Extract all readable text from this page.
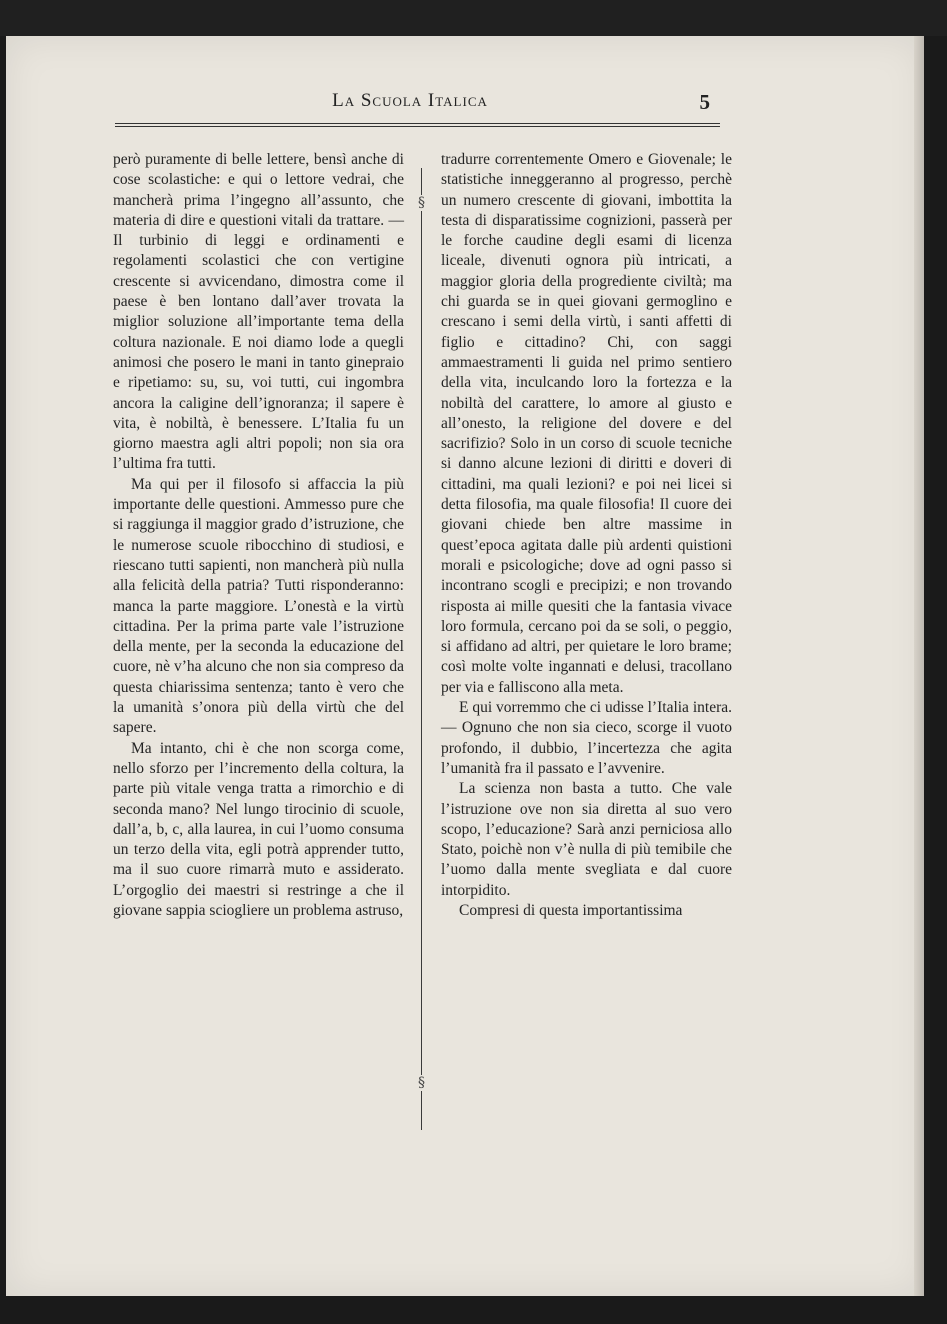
La Scuola Italica	5

però puramente di belle lettere, bensì anche di cose scolastiche: e qui o lettore vedrai, che mancherà prima l’ingegno all’assunto, che materia di dire e questioni vitali da trattare. — Il turbinio di leggi e ordinamenti e regolamenti scolastici che con vertigine crescente si avvicendano, dimostra come il paese è ben lontano dall’aver trovata la miglior soluzione all’importante tema della coltura nazionale. E noi diamo lode a quegli animosi che posero le mani in tanto ginepraio e ripetiamo: su, su, voi tutti, cui ingombra ancora la caligine dell’ignoranza; il sapere è vita, è nobiltà, è benessere. L’Italia fu un giorno maestra agli altri popoli; non sia ora l’ultima fra tutti.

Ma qui per il filosofo si affaccia la più importante delle questioni. Ammesso pure che si raggiunga il maggior grado d’istruzione, che le numerose scuole ribocchino di studiosi, e riescano tutti sapienti, non mancherà più nulla alla felicità della patria? Tutti risponderanno: manca la parte maggiore. L’onestà e la virtù cittadina. Per la prima parte vale l’istruzione della mente, per la seconda la educazione del cuore, nè v’ha alcuno che non sia compreso da questa chiarissima sentenza; tanto è vero che la umanità s’onora più della virtù che del sapere.

Ma intanto, chi è che non scorga come, nello sforzo per l’incremento della coltura, la parte più vitale venga tratta a rimorchio e di seconda mano? Nel lungo tirocinio di scuole, dall’a, b, c, alla laurea, in cui l’uomo consuma un terzo della vita, egli potrà apprender tutto, ma il suo cuore rimarrà muto e assiderato. L’orgoglio dei maestri si restringe a che il giovane sappia sciogliere un problema astruso,

§
§

tradurre correntemente Omero e Giovenale; le statistiche inneggeranno al progresso, perchè un numero crescente di giovani, imbottita la testa di disparatissime cognizioni, passerà per le forche caudine degli esami di licenza liceale, divenuti ognora più intricati, a maggior gloria della progrediente civiltà; ma chi guarda se in quei giovani germoglino e crescano i semi della virtù, i santi affetti di figlio e cittadino? Chi, con saggi ammaestramenti li guida nel primo sentiero della vita, inculcando loro la fortezza e la nobiltà del carattere, lo amore al giusto e all’onesto, la religione del dovere e del sacrifizio? Solo in un corso di scuole tecniche si danno alcune lezioni di diritti e doveri di cittadini, ma quali lezioni? e poi nei licei si detta filosofia, ma quale filosofia! Il cuore dei giovani chiede ben altre massime in quest’epoca agitata dalle più ardenti quistioni morali e psicologiche; dove ad ogni passo si incontrano scogli e precipizi; e non trovando risposta ai mille quesiti che la fantasia vivace loro formula, cercano poi da se soli, o peggio, si affidano ad altri, per quietare le loro brame; così molte volte ingannati e delusi, tracollano per via e falliscono alla meta.

E qui vorremmo che ci udisse l’Italia intera. — Ognuno che non sia cieco, scorge il vuoto profondo, il dubbio, l’incertezza che agita l’umanità fra il passato e l’avvenire.

La scienza non basta a tutto. Che vale l’istruzione ove non sia diretta al suo vero scopo, l’educazione? Sarà anzi perniciosa allo Stato, poichè non v’è nulla di più temibile che l’uomo dalla mente svegliata e dal cuore intorpidito.

Compresi di questa importantissima
